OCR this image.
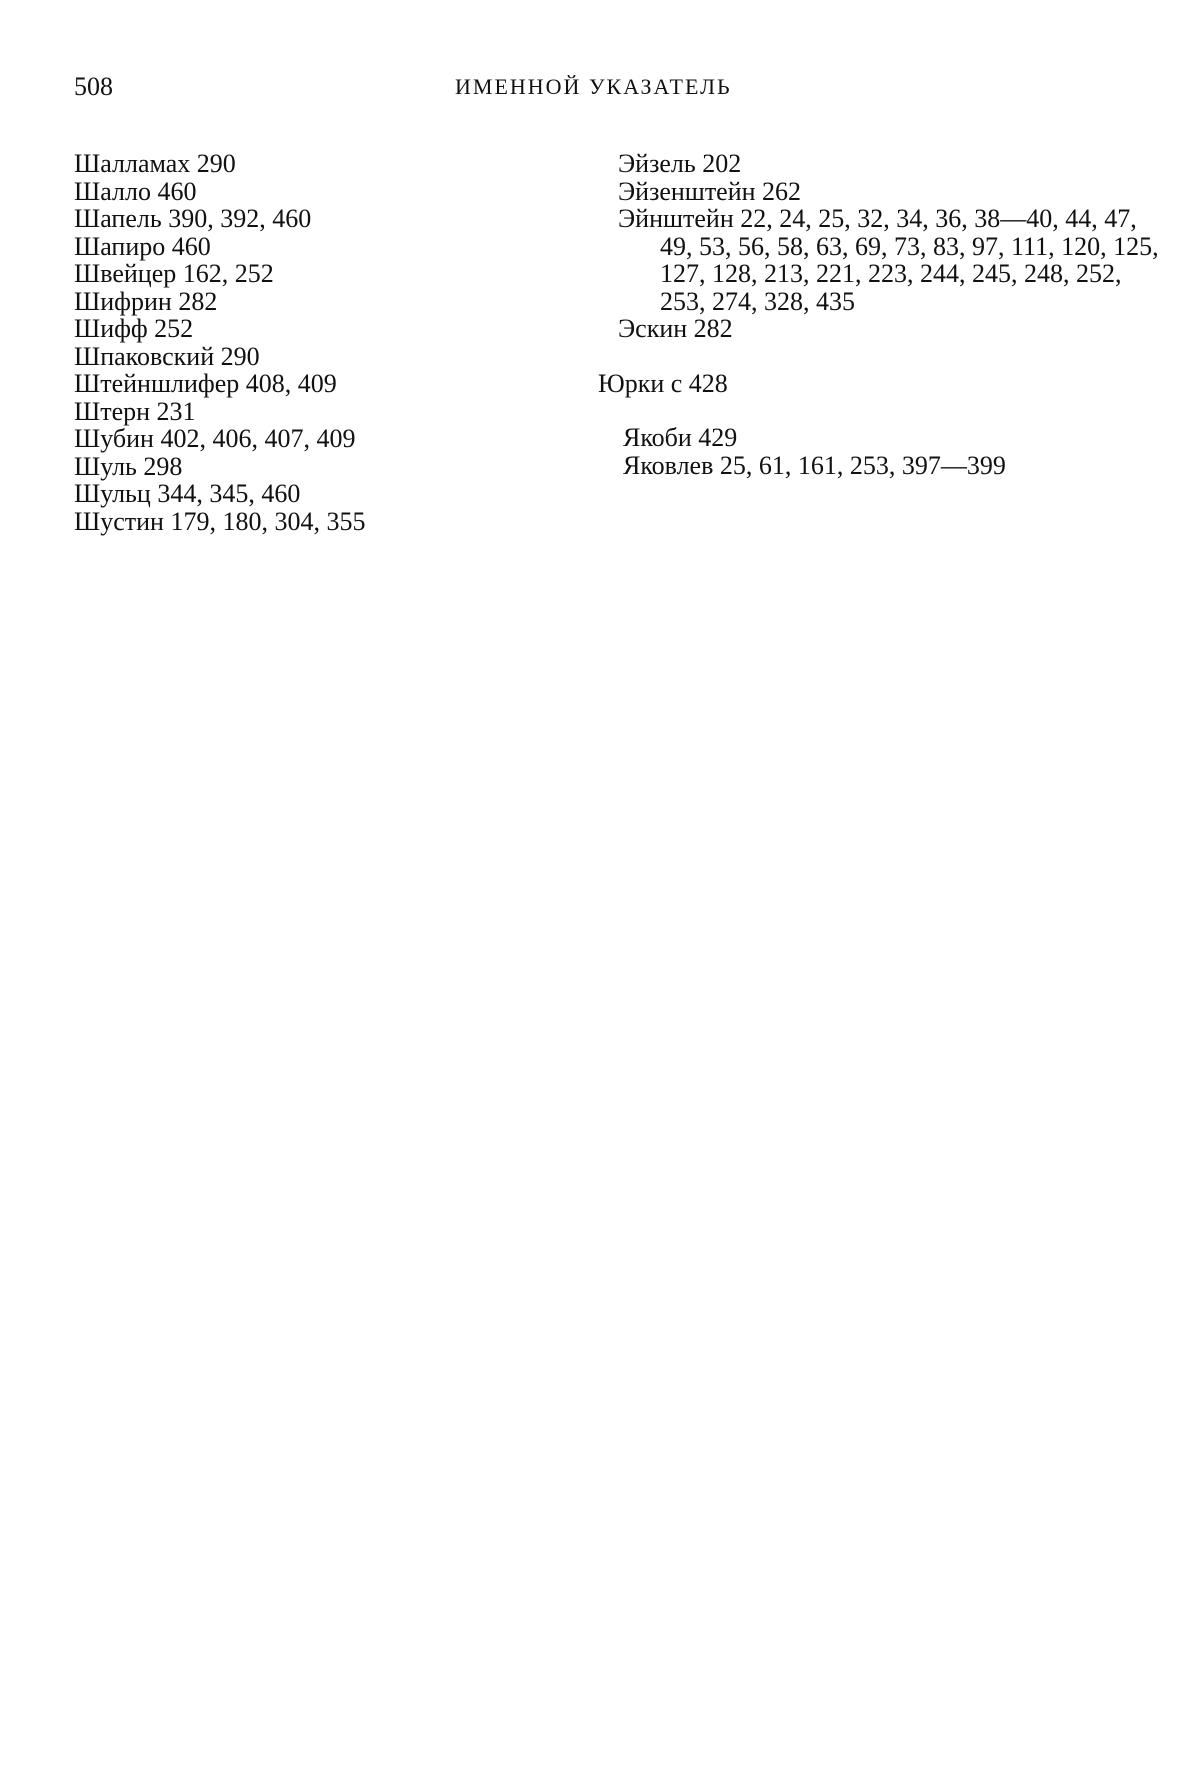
508	ИМЕННОЙ УКАЗАТЕЛЬ
Шалламах 290
Шалло 460
Шапель 390, 392, 460
Шапиро 460
Швейцер 162, 252
Шифрин 282
Шифф 252
Шпаковский 290
Штейншлифер 408, 409
Штерн 231
Шубин 402, 406, 407, 409
Шуль 298
Шульц 344, 345, 460
Шустин 179, 180, 304, 355
Эйзель 202
Эйзенштейн 262
Эйнштейн 22, 24, 25, 32, 34, 36, 38—40, 44, 47, 49, 53, 56, 58, 63, 69, 73, 83, 97, 111, 120, 125, 127, 128, 213, 221, 223, 244, 245, 248, 252, 253, 274, 328, 435
Эскин 282
Юрки с 428
Якоби 429
Яковлев 25, 61, 161, 253, 397—399
